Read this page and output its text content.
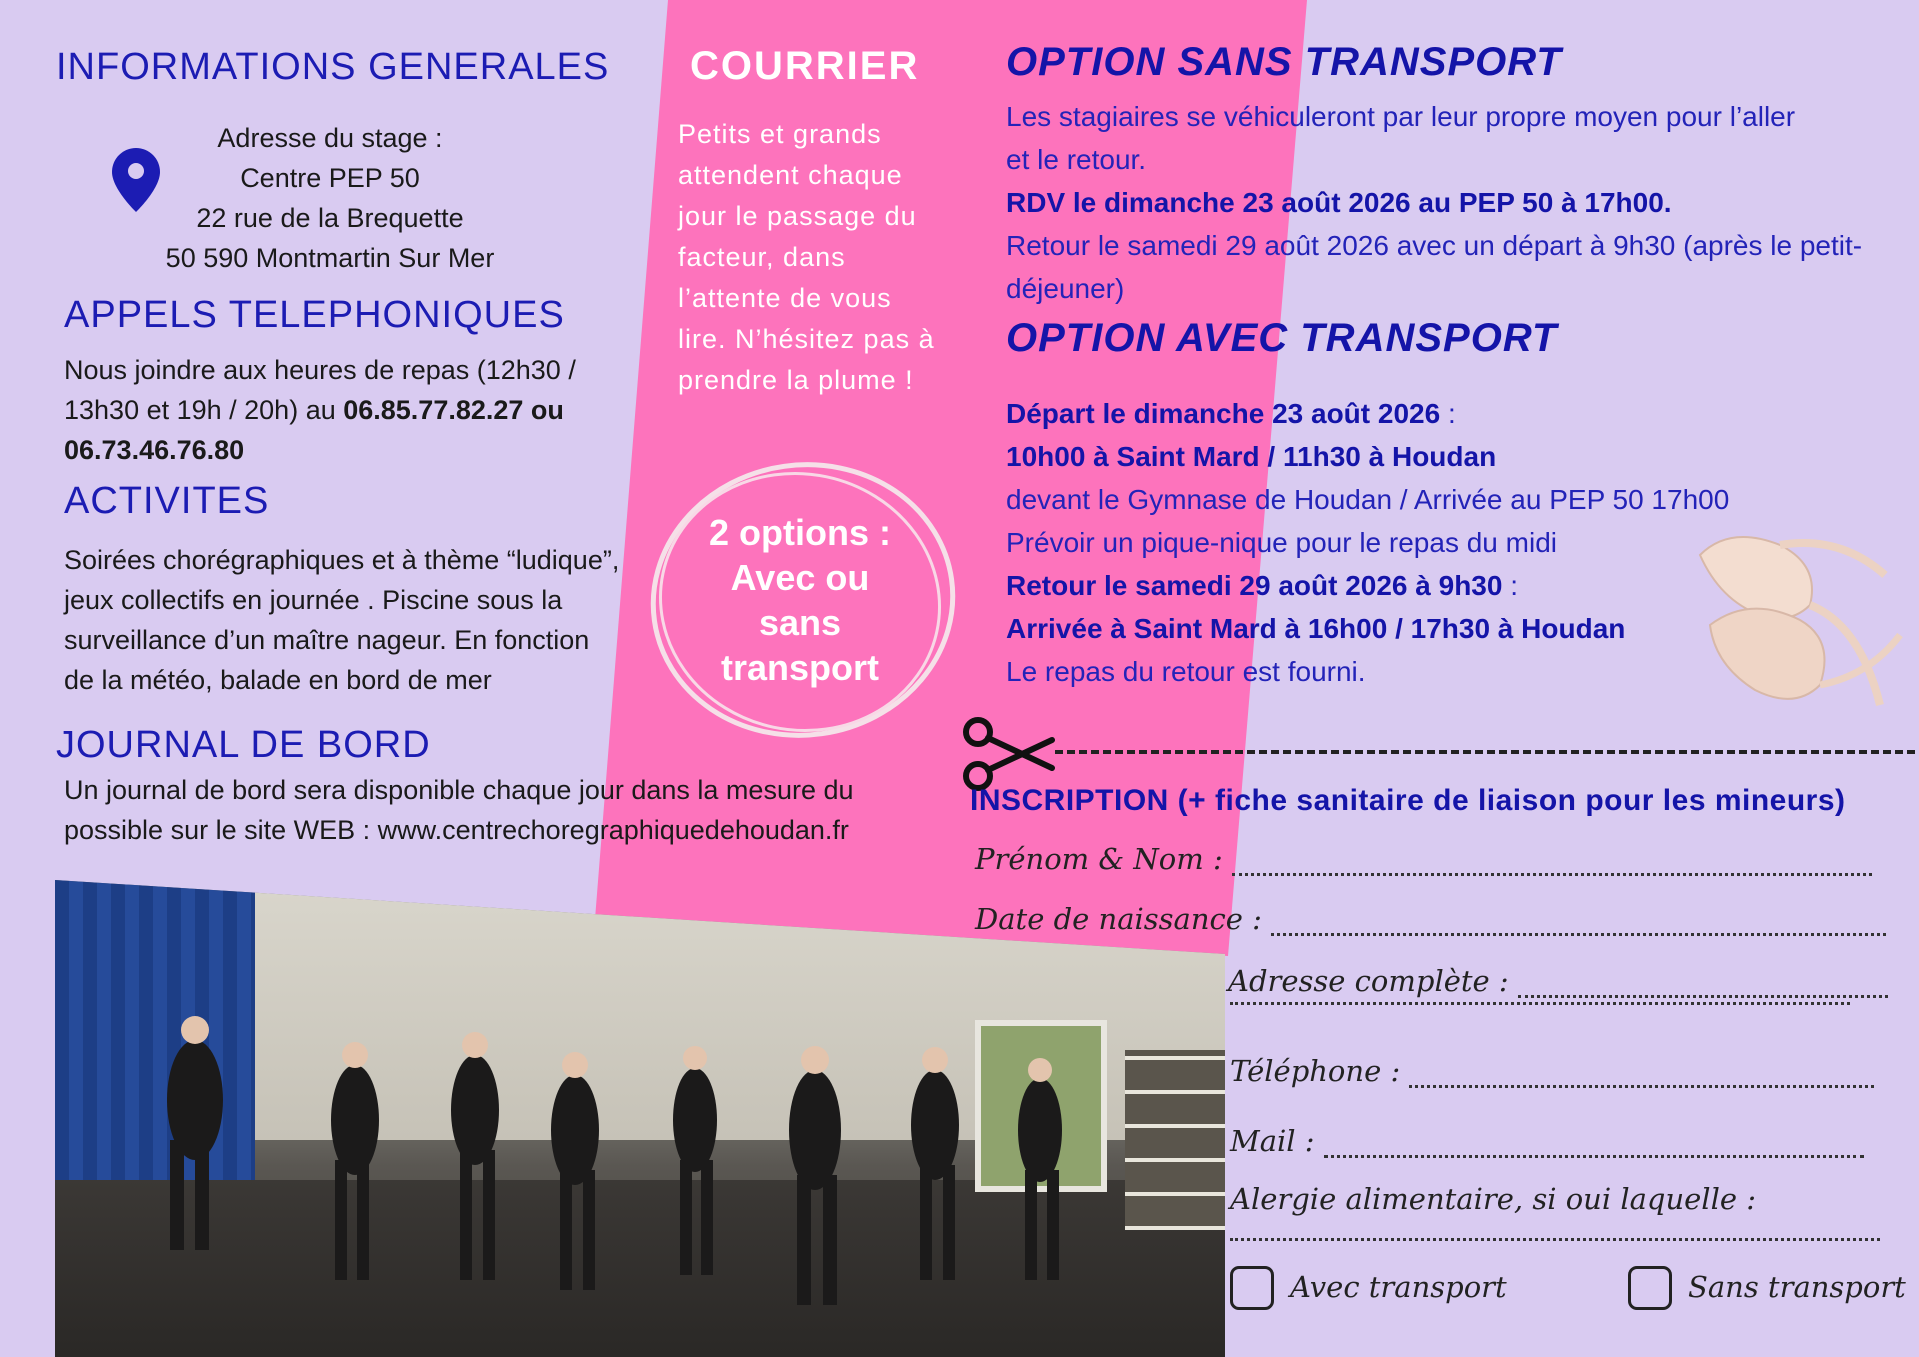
INFORMATIONS GENERALES
Adresse du stage :
Centre PEP 50
22 rue de la Brequette
50 590 Montmartin Sur Mer
APPELS TELEPHONIQUES
Nous joindre aux heures de repas (12h30 / 13h30 et 19h / 20h) au 06.85.77.82.27 ou 06.73.46.76.80
ACTIVITES
Soirées chorégraphiques et à thème “ludique”, jeux collectifs en journée . Piscine sous la surveillance d’un maître nageur. En fonction de la météo, balade en bord de mer
JOURNAL DE BORD
Un journal de bord sera disponible chaque jour dans la mesure du possible sur le site WEB : www.centrechoregraphiquedehoudan.fr
COURRIER
Petits et grands attendent chaque jour le passage du facteur, dans l’attente de vous lire. N’hésitez pas à prendre la plume !
2 options :
Avec ou
sans
transport
OPTION SANS TRANSPORT
Les stagiaires se véhiculeront par leur propre moyen pour l’aller et le retour.
RDV le dimanche 23 août 2026 au PEP 50 à 17h00.
Retour le samedi 29 août 2026 avec un départ à 9h30 (après le petit-déjeuner)
OPTION AVEC TRANSPORT
Départ le dimanche 23 août 2026 :
10h00 à Saint Mard / 11h30 à Houdan
devant le Gymnase de Houdan / Arrivée au PEP 50 17h00
Prévoir un pique-nique pour le repas du midi
Retour le samedi 29 août 2026 à 9h30 :
Arrivée à Saint Mard à 16h00 / 17h30 à Houdan
Le repas du retour est fourni.
INSCRIPTION (+ fiche sanitaire de liaison pour les mineurs)
Prénom & Nom :
Date de naissance :
Adresse complète :
Téléphone :
Mail :
Alergie alimentaire, si oui laquelle :
Avec transport	Sans transport
